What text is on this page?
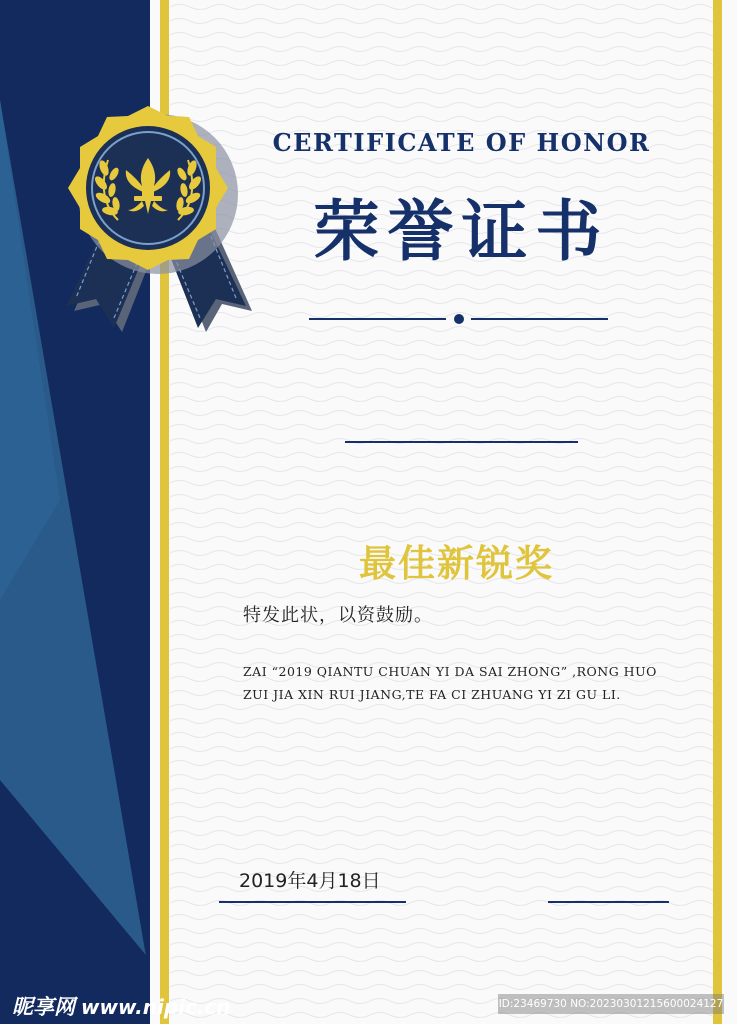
CERTIFICATE OF HONOR
荣誉证书
最佳新锐奖
特发此状，以资鼓励。
ZAI “2019 QIANTU CHUAN YI DA SAI ZHONG” ,RONG HUO ZUI JIA XIN RUI JIANG,TE FA CI ZHUANG YI ZI GU LI.
2019年4月18日
昵享网 www.nipic.cn	ID:23469730 NO:20230301215600024127
